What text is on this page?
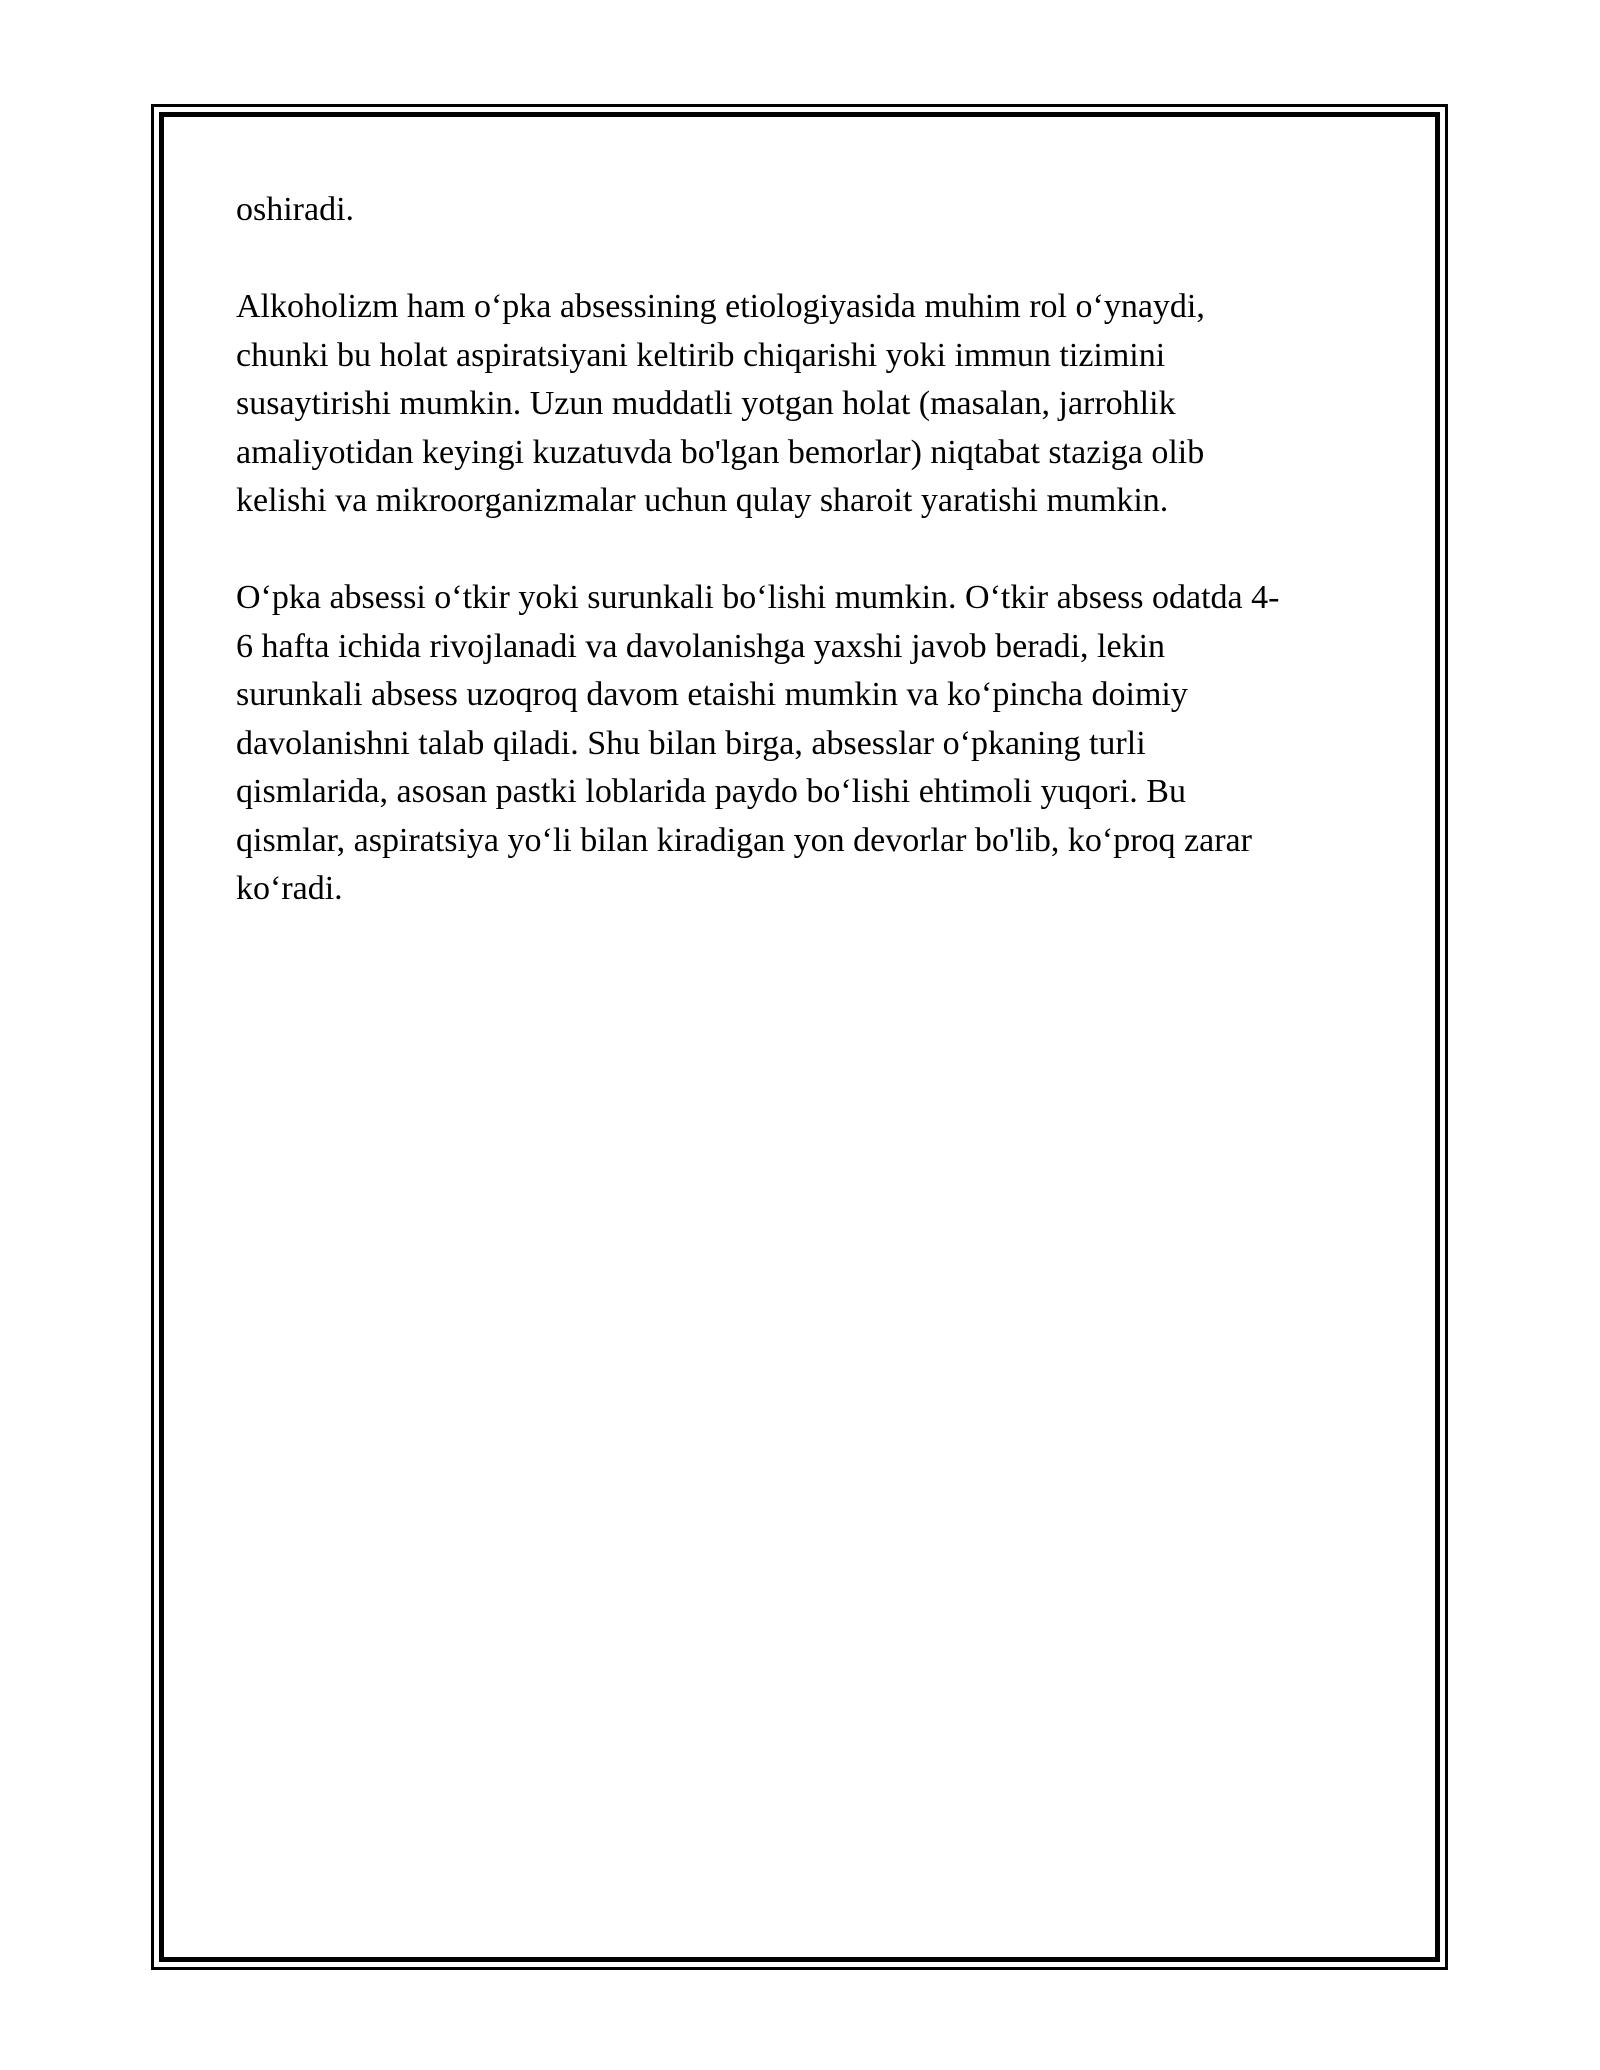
oshiradi.

Alkoholizm ham o‘pka absessining etiologiyasida muhim rol o‘ynaydi,
chunki bu holat aspiratsiyani keltirib chiqarishi yoki immun tizimini
susaytirishi mumkin. Uzun muddatli yotgan holat (masalan, jarrohlik
amaliyotidan keyingi kuzatuvda bo'lgan bemorlar) niqtabat staziga olib
kelishi va mikroorganizmalar uchun qulay sharoit yaratishi mumkin.

O‘pka absessi o‘tkir yoki surunkali bo‘lishi mumkin. O‘tkir absess odatda 4-
6 hafta ichida rivojlanadi va davolanishga yaxshi javob beradi, lekin
surunkali absess uzoqroq davom etaishi mumkin va ko‘pincha doimiy
davolanishni talab qiladi. Shu bilan birga, absesslar o‘pkaning turli
qismlarida, asosan pastki loblarida paydo bo‘lishi ehtimoli yuqori. Bu
qismlar, aspiratsiya yo‘li bilan kiradigan yon devorlar bo'lib, ko‘proq zarar
ko‘radi.
